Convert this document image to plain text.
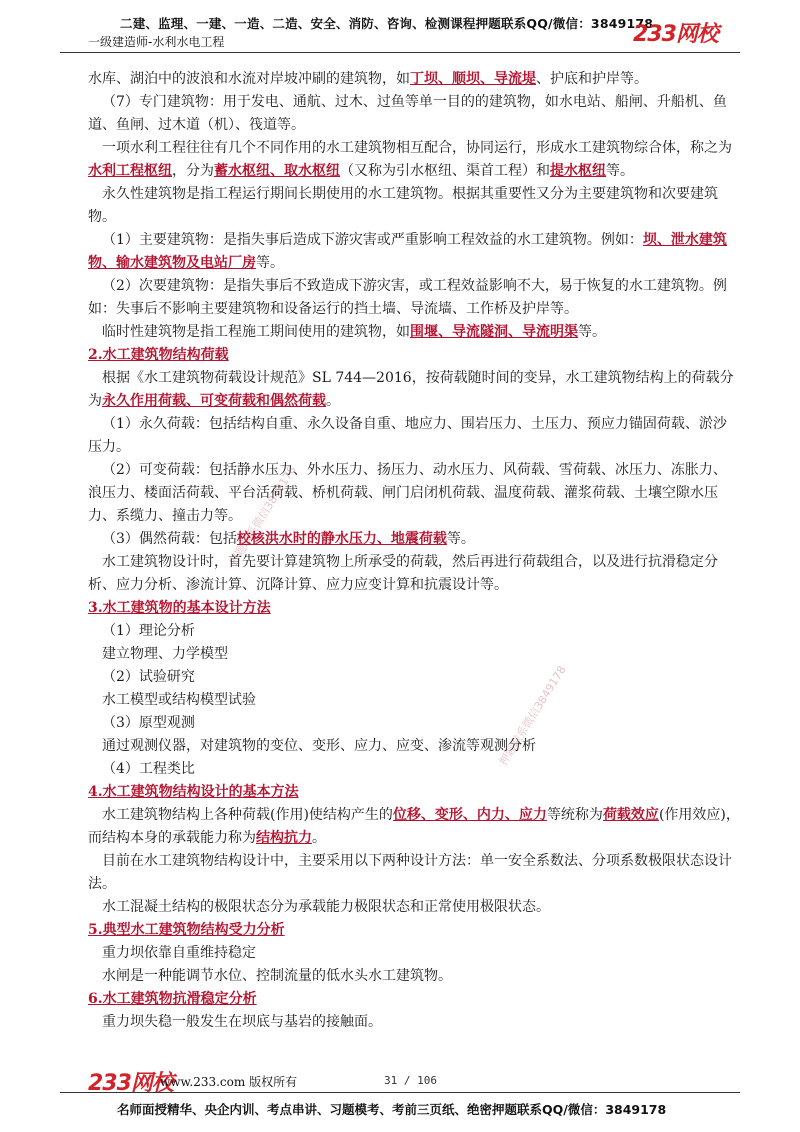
二建、监理、一建、一造、二造、安全、消防、咨询、检测课程押题联系QQ/微信：3849178
一级建造师-水利水电工程	233网校
押题联系微信3849178
押题联系微信3849178

水库、湖泊中的波浪和水流对岸坡冲刷的建筑物，如丁坝、顺坝、导流堤、护底和护岸等。

（7）专门建筑物：用于发电、通航、过木、过鱼等单一目的的建筑物，如水电站、船闸、升船机、鱼道、鱼闸、过木道（机）、筏道等。

一项水利工程往往有几个不同作用的水工建筑物相互配合，协同运行，形成水工建筑物综合体，称之为水利工程枢纽，分为蓄水枢纽、取水枢纽（又称为引水枢纽、渠首工程）和提水枢纽等。

永久性建筑物是指工程运行期间长期使用的水工建筑物。根据其重要性又分为主要建筑物和次要建筑物。

（1）主要建筑物：是指失事后造成下游灾害或严重影响工程效益的水工建筑物。例如：坝、泄水建筑物、输水建筑物及电站厂房等。

（2）次要建筑物：是指失事后不致造成下游灾害，或工程效益影响不大，易于恢复的水工建筑物。例如：失事后不影响主要建筑物和设备运行的挡土墙、导流墙、工作桥及护岸等。

临时性建筑物是指工程施工期间使用的建筑物，如围堰、导流隧洞、导流明渠等。

2.水工建筑物结构荷载

根据《水工建筑物荷载设计规范》SL 744—2016，按荷载随时间的变异，水工建筑物结构上的荷载分为永久作用荷载、可变荷载和偶然荷载。

（1）永久荷载：包括结构自重、永久设备自重、地应力、围岩压力、土压力、预应力锚固荷载、淤沙压力。

（2）可变荷载：包括静水压力、外水压力、扬压力、动水压力、风荷载、雪荷载、冰压力、冻胀力、浪压力、楼面活荷载、平台活荷载、桥机荷载、闸门启闭机荷载、温度荷载、灌浆荷载、土壤空隙水压力、系缆力、撞击力等。

（3）偶然荷载：包括校核洪水时的静水压力、地震荷载等。

水工建筑物设计时，首先要计算建筑物上所承受的荷载，然后再进行荷载组合，以及进行抗滑稳定分析、应力分析、渗流计算、沉降计算、应力应变计算和抗震设计等。

3.水工建筑物的基本设计方法

（1）理论分析

建立物理、力学模型

（2）试验研究

水工模型或结构模型试验

（3）原型观测

通过观测仪器，对建筑物的变位、变形、应力、应变、渗流等观测分析

（4）工程类比

4.水工建筑物结构设计的基本方法

水工建筑物结构上各种荷载(作用)使结构产生的位移、变形、内力、应力等统称为荷载效应(作用效应)，而结构本身的承载能力称为结构抗力。

目前在水工建筑物结构设计中，主要采用以下两种设计方法：单一安全系数法、分项系数极限状态设计法。

水工混凝土结构的极限状态分为承载能力极限状态和正常使用极限状态。

5.典型水工建筑物结构受力分析

重力坝依靠自重维持稳定

水闸是一种能调节水位、控制流量的低水头水工建筑物。

6.水工建筑物抗滑稳定分析

重力坝失稳一般发生在坝底与基岩的接触面。

233网校
www.233.com 版权所有	31 / 106
名师面授精华、央企内训、考点串讲、习题模考、考前三页纸、绝密押题联系QQ/微信：3849178
